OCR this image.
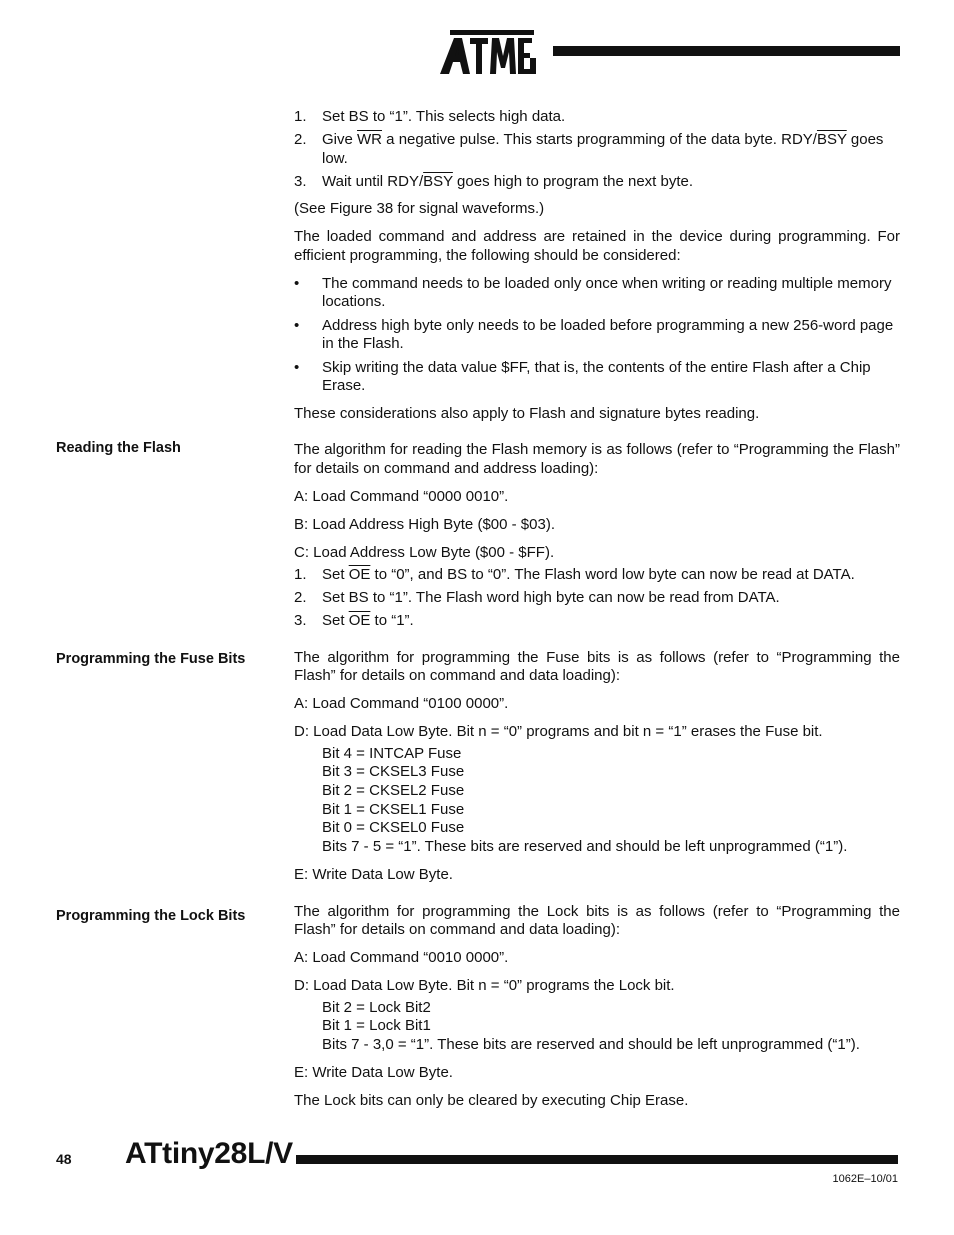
Reading the Flash
Programming the Fuse Bits
Programming the Lock Bits
1.	Set BS to “1”. This selects high data.
2.	Give $\overline{WR}$ a negative pulse. This starts programming of the data byte. RDY/$\overline{BSY}$ goes low.
3.	Wait until RDY/$\overline{BSY}$ goes high to program the next byte.

(See Figure 38 for signal waveforms.)

The loaded command and address are retained in the device during programming. For efficient programming, the following should be considered:

•	The command needs to be loaded only once when writing or reading multiple memory locations.
•	Address high byte only needs to be loaded before programming a new 256-word page in the Flash.
•	Skip writing the data value $FF, that is, the contents of the entire Flash after a Chip Erase.

These considerations also apply to Flash and signature bytes reading.

The algorithm for reading the Flash memory is as follows (refer to “Programming the Flash” for details on command and address loading):

A: Load Command “0000 0010”.

B: Load Address High Byte ($00 - $03).

C: Load Address Low Byte ($00 - $FF).

1.	Set $\overline{OE}$ to “0”, and BS to “0”. The Flash word low byte can now be read at DATA.
2.	Set BS to “1”. The Flash word high byte can now be read from DATA.
3.	Set $\overline{OE}$ to “1”.

The algorithm for programming the Fuse bits is as follows (refer to “Programming the Flash” for details on command and data loading):

A: Load Command “0100 0000”.

D: Load Data Low Byte. Bit n = “0” programs and bit n = “1” erases the Fuse bit.

Bit 4 = INTCAP Fuse
Bit 3 = CKSEL3 Fuse
Bit 2 = CKSEL2 Fuse
Bit 1 = CKSEL1 Fuse
Bit 0 = CKSEL0 Fuse
Bits 7 - 5 = “1”. These bits are reserved and should be left unprogrammed (“1”).

E: Write Data Low Byte.

The algorithm for programming the Lock bits is as follows (refer to “Programming the Flash” for details on command and data loading):

A: Load Command “0010 0000”.

D: Load Data Low Byte. Bit n = “0” programs the Lock bit.

Bit 2 = Lock Bit2
Bit 1 = Lock Bit1
Bits 7 - 3,0 = “1”. These bits are reserved and should be left unprogrammed (“1”).

E: Write Data Low Byte.

The Lock bits can only be cleared by executing Chip Erase.

48 ATtiny28L/V
1062E–10/01
